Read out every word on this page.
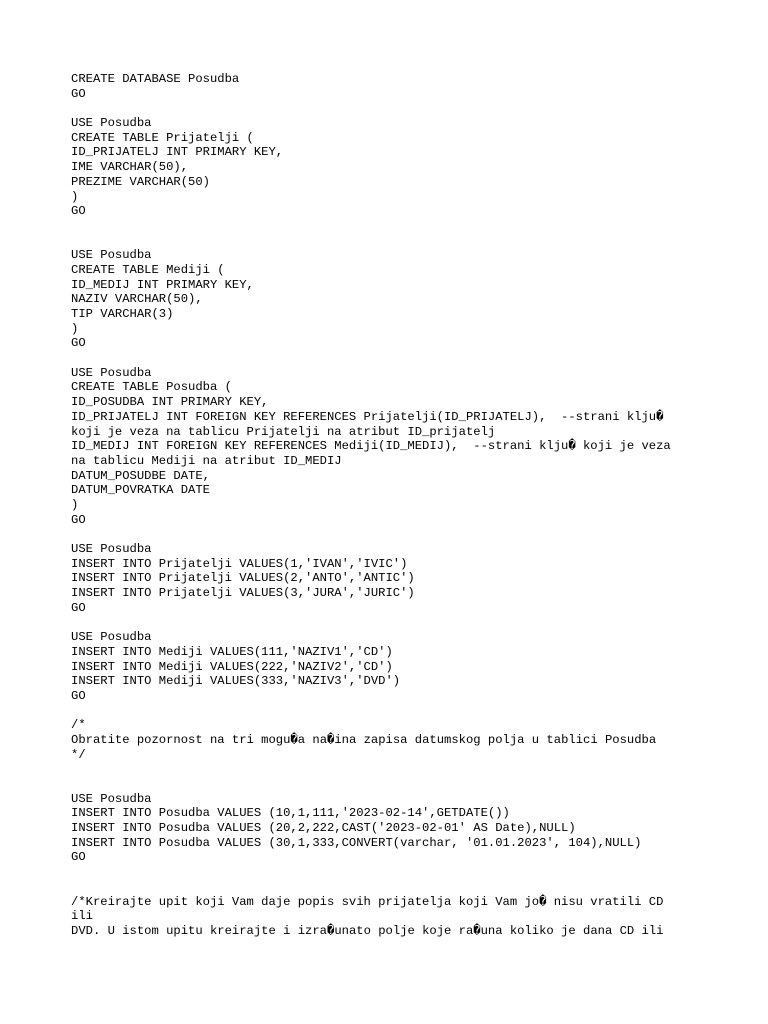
CREATE DATABASE Posudba
GO
USE Posudba
CREATE TABLE Prijatelji (
ID_PRIJATELJ INT PRIMARY KEY,
IME VARCHAR(50),
PREZIME VARCHAR(50)
)
GO
USE Posudba
CREATE TABLE Mediji (
ID_MEDIJ INT PRIMARY KEY,
NAZIV VARCHAR(50),
TIP VARCHAR(3)
)
GO
USE Posudba
CREATE TABLE Posudba (
ID_POSUDBA INT PRIMARY KEY,
ID_PRIJATELJ INT FOREIGN KEY REFERENCES Prijatelji(ID_PRIJATELJ),  --strani klju�
koji je veza na tablicu Prijatelji na atribut ID_prijatelj
ID_MEDIJ INT FOREIGN KEY REFERENCES Mediji(ID_MEDIJ),  --strani klju� koji je veza
na tablicu Mediji na atribut ID_MEDIJ
DATUM_POSUDBE DATE,
DATUM_POVRATKA DATE
)
GO
USE Posudba
INSERT INTO Prijatelji VALUES(1,'IVAN','IVIC')
INSERT INTO Prijatelji VALUES(2,'ANTO','ANTIC')
INSERT INTO Prijatelji VALUES(3,'JURA','JURIC')
GO
USE Posudba
INSERT INTO Mediji VALUES(111,'NAZIV1','CD')
INSERT INTO Mediji VALUES(222,'NAZIV2','CD')
INSERT INTO Mediji VALUES(333,'NAZIV3','DVD')
GO
/*
Obratite pozornost na tri mogu�a na�ina zapisa datumskog polja u tablici Posudba
*/
USE Posudba
INSERT INTO Posudba VALUES (10,1,111,'2023-02-14',GETDATE())
INSERT INTO Posudba VALUES (20,2,222,CAST('2023-02-01' AS Date),NULL)
INSERT INTO Posudba VALUES (30,1,333,CONVERT(varchar, '01.01.2023', 104),NULL)
GO
/*Kreirajte upit koji Vam daje popis svih prijatelja koji Vam jo� nisu vratili CD
ili
DVD. U istom upitu kreirajte i izra�unato polje koje ra�una koliko je dana CD ili
